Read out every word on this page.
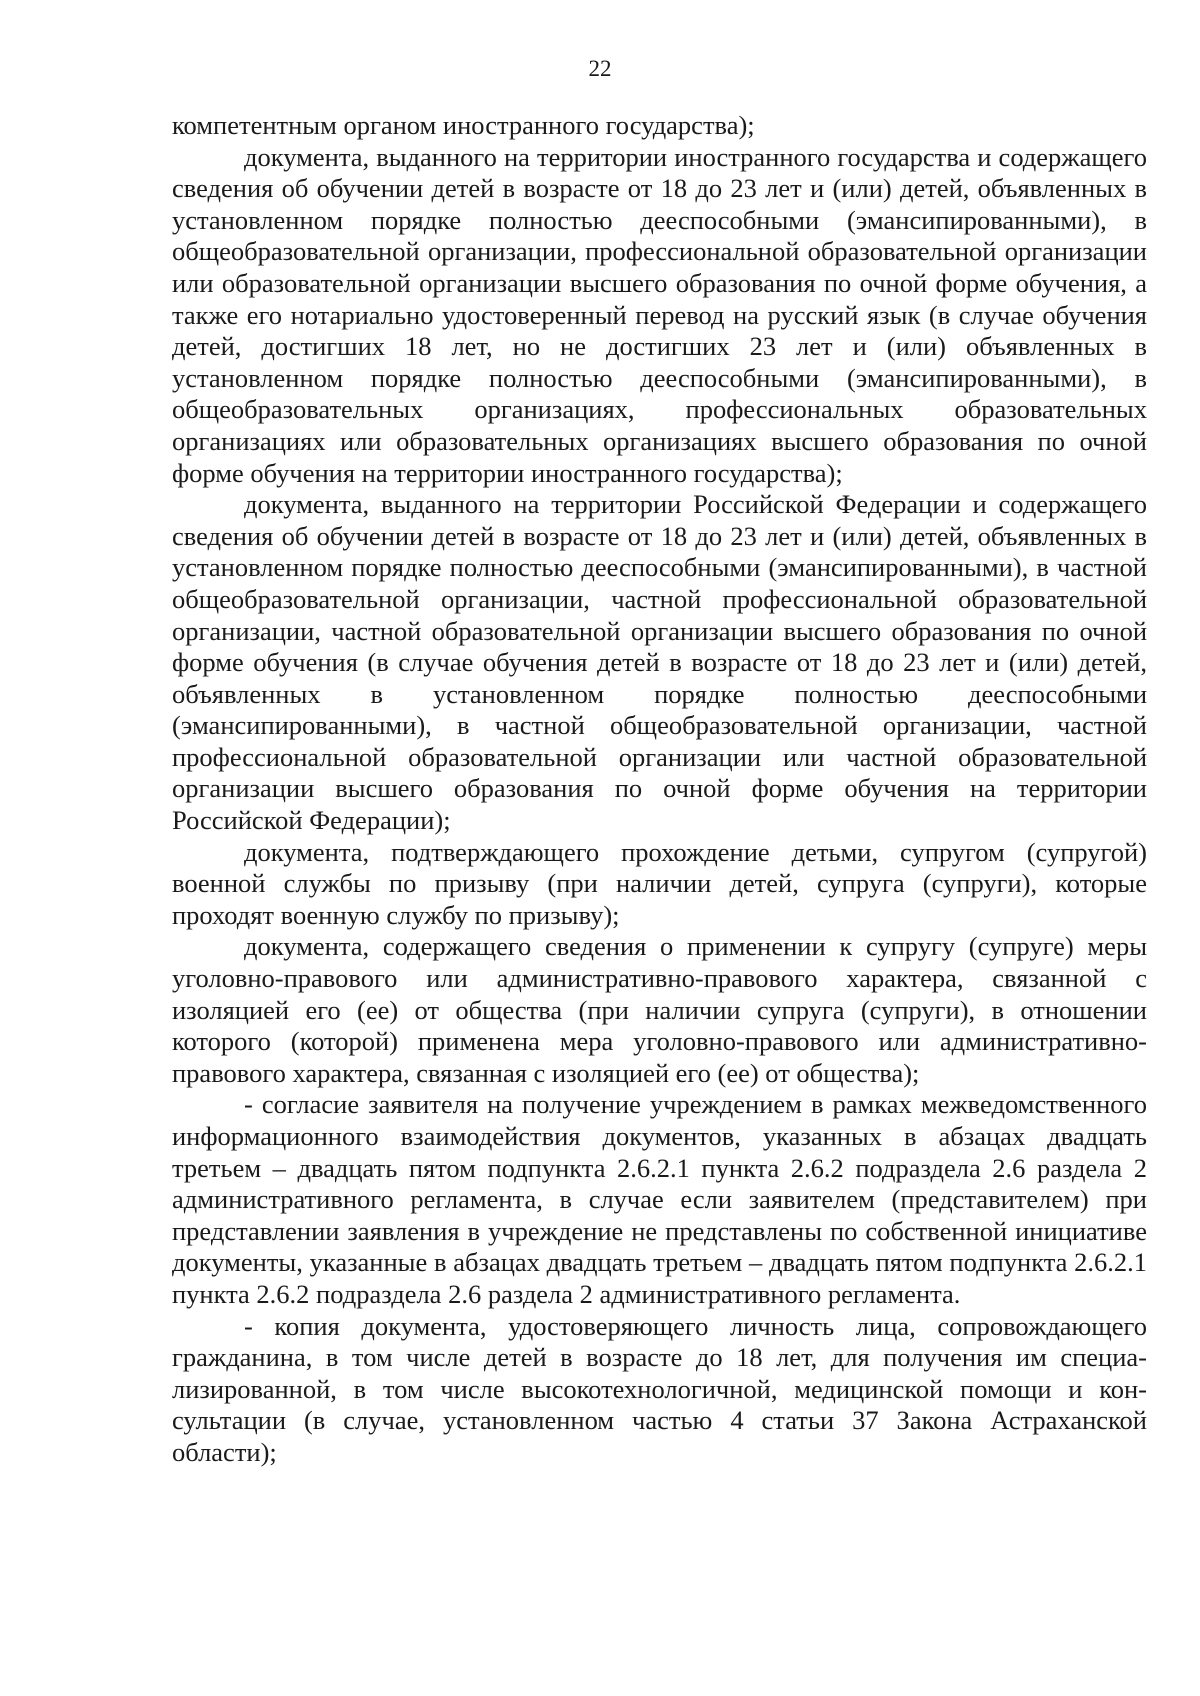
22

компетентным органом иностранного государства);

документа, выданного на территории иностранного государства и содержащего сведения об обучении детей в возрасте от 18 до 23 лет и (или) детей, объявленных в установленном порядке полностью дееспособными (эмансипированными), в общеобразовательной организации, профессиональной образовательной организации или образовательной организации высшего образования по очной форме обучения, а также его нотариально удостоверенный перевод на русский язык (в случае обучения детей, достигших 18 лет, но не достигших 23 лет и (или) объявленных в установленном порядке полностью дееспособными (эмансипированными), в общеобразовательных организациях, профессиональных образовательных организациях или образовательных организациях высшего образования по очной форме обучения на территории иностранного государства);

документа, выданного на территории Российской Федерации и содержащего сведения об обучении детей в возрасте от 18 до 23 лет и (или) детей, объявленных в установленном порядке полностью дееспособными (эмансипированными), в частной общеобразовательной организации, частной профессиональной образовательной организации, частной образовательной организации высшего образования по очной форме обучения (в случае обучения детей в возрасте от 18 до 23 лет и (или) детей, объявленных в установленном порядке полностью дееспособными (эмансипированными), в частной общеобразовательной организации, частной профессиональной образовательной организации или частной образовательной организации высшего образования по очной форме обучения на территории Российской Федерации);

документа, подтверждающего прохождение детьми, супругом (супругой) военной службы по призыву (при наличии детей, супруга (супруги), которые проходят военную службу по призыву);

документа, содержащего сведения о применении к супругу (супруге) меры уголовно-правового или административно-правового характера, связанной с изоляцией его (ее) от общества (при наличии супруга (супруги), в отношении которого (которой) применена мера уголовно-правового или административно-правового характера, связанная с изоляцией его (ее) от общества);

- согласие заявителя на получение учреждением в рамках межведомственного информационного взаимодействия документов, указанных в абзацах двадцать третьем – двадцать пятом подпункта 2.6.2.1 пункта 2.6.2 подраздела 2.6 раздела 2 административного регламента, в случае если заявителем (представителем) при представлении заявления в учреждение не представлены по собственной инициативе документы, указанные в абзацах двадцать третьем – двадцать пятом подпункта 2.6.2.1 пункта 2.6.2 подраздела 2.6 раздела 2 административного регламента.

- копия документа, удостоверяющего личность лица, сопровождающего гражданина, в том числе детей в возрасте до 18 лет, для получения им специализированной, в том числе высокотехнологичной, медицинской помощи и консультации (в случае, установленном частью 4 статьи 37 Закона Астраханской области);
